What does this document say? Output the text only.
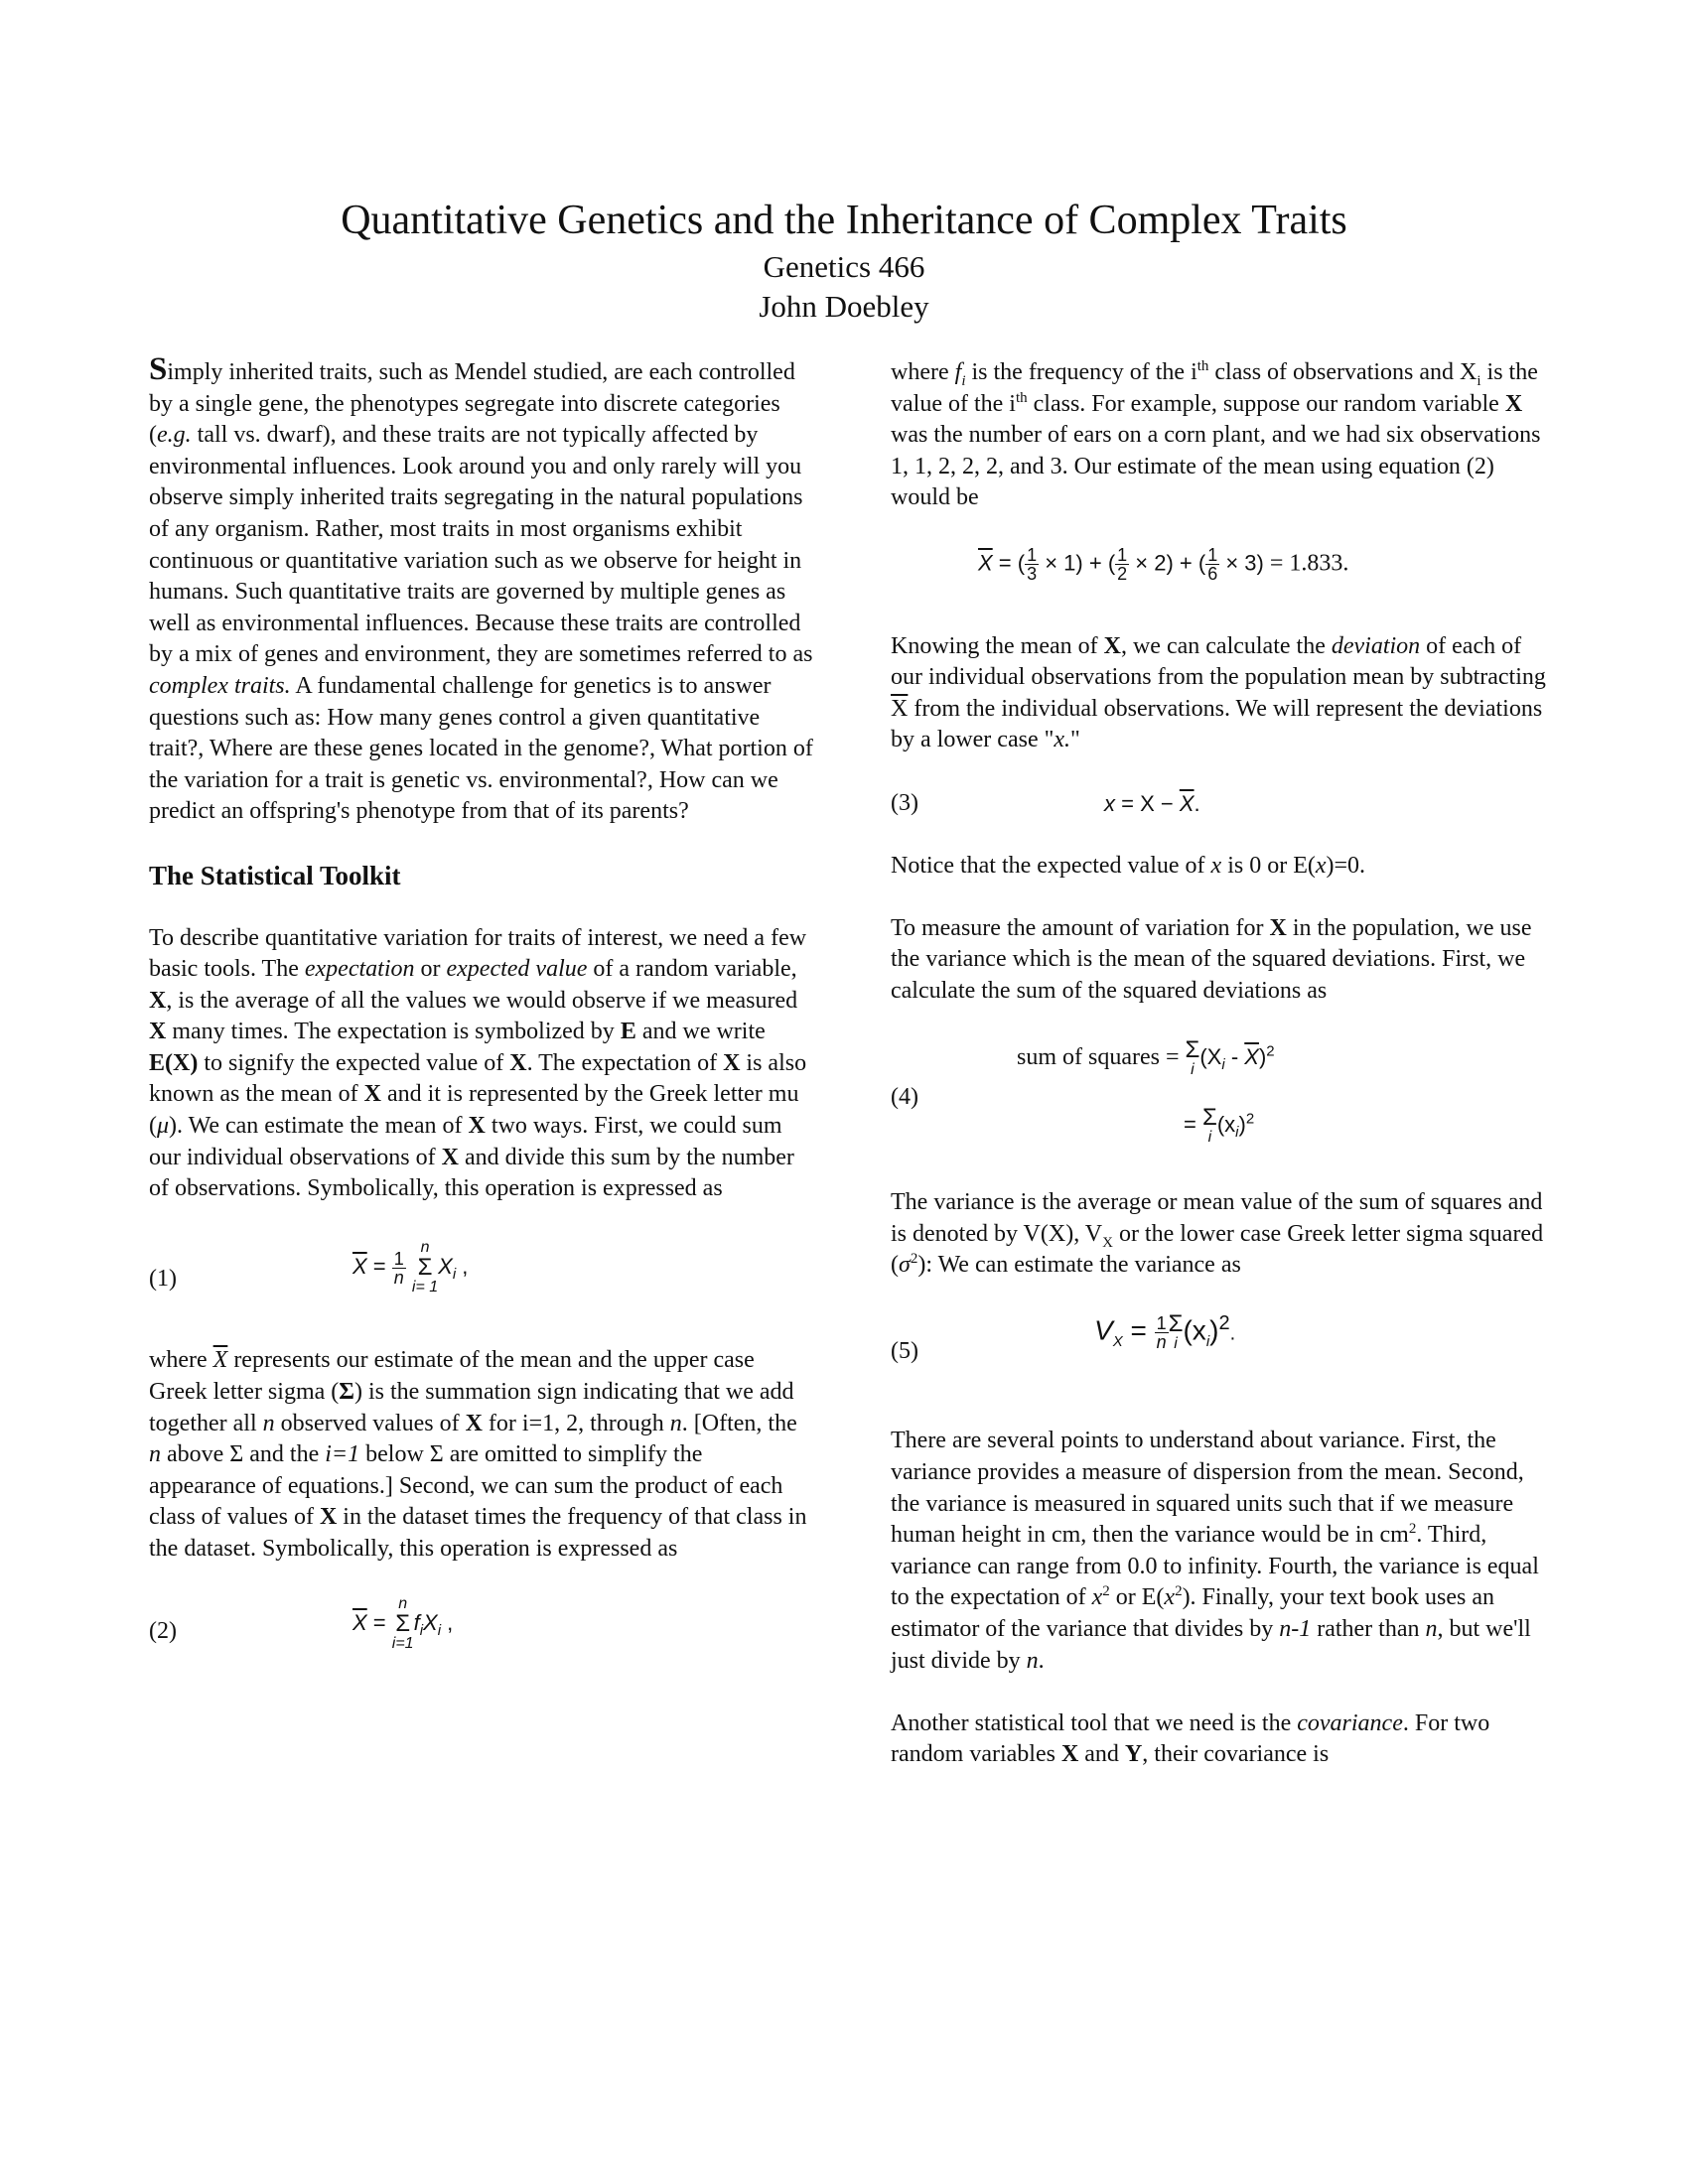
Quantitative Genetics and the Inheritance of Complex Traits
Genetics 466
John Doebley

Simply inherited traits, such as Mendel studied, are each controlled by a single gene, the phenotypes segregate into discrete categories (e.g. tall vs. dwarf), and these traits are not typically affected by environmental influences. Look around you and only rarely will you observe simply inherited traits segregating in the natural populations of any organism. Rather, most traits in most organisms exhibit continuous or quantitative variation such as we observe for height in humans. Such quantitative traits are governed by multiple genes as well as environmental influences. Because these traits are controlled by a mix of genes and environment, they are sometimes referred to as complex traits. A fundamental challenge for genetics is to answer questions such as: How many genes control a given quantitative trait?, Where are these genes located in the genome?, What portion of the variation for a trait is genetic vs. environmental?, How can we predict an offspring's phenotype from that of its parents?

The Statistical Toolkit

To describe quantitative variation for traits of interest, we need a few basic tools. The expectation or expected value of a random variable, X, is the average of all the values we would observe if we measured X many times. The expectation is symbolized by E and we write E(X) to signify the expected value of X. The expectation of X is also known as the mean of X and it is represented by the Greek letter mu (μ). We can estimate the mean of X two ways. First, we could sum our individual observations of X and divide this sum by the number of observations. Symbolically, this operation is expressed as

(1)	$\overline{X} = \frac{1}{n}$

n
Σ
i= 1
$X_i$ ,

where $\overline{X}$ represents our estimate of the mean and the upper case Greek letter sigma (Σ) is the summation sign indicating that we add together all n observed values of X for i=1, 2, through n. [Often, the n above Σ and the i=1 below Σ are omitted to simplify the appearance of equations.] Second, we can sum the product of each class of values of X in the dataset times the frequency of that class in the dataset. Symbolically, this operation is expressed as

(2)	$\overline{X}$ =
n
Σ
i=1
$f_iX_i$ ,

where $f_i$ is the frequency of the $i^{th}$ class of observations and $X_i$ is the value of the $i^{th}$ class. For example, suppose our random variable X was the number of ears on a corn plant, and we had six observations 1, 1, 2, 2, 2, and 3. Our estimate of the mean using equation (2) would be

$\overline{X}$ = ( $\frac{1}{3} \times 1$) + ( $\frac{1}{2} \times 2$) + ( $\frac{1}{6} \times 3) = 1.833$.

Knowing the mean of X, we can calculate the deviation of each of our individual observations from the population mean by subtracting $\overline{X}$ from the individual observations. We will represent the deviations by a lower case "x."

(3)	$x = X - \overline{X}$.

Notice that the expected value of x is 0 or E(x)=0.

To measure the amount of variation for X in the population, we use the variance which is the mean of the squared deviations. First, we calculate the sum of the squared deviations as

(4)
sum of squares = Σ
i
$(X_i - \overline{X})^2$
= Σ
i
$(x_i)^2$

The variance is the average or mean value of the sum of squares and is denoted by V(X), $V_X$ or the lower case Greek letter sigma squared $(\sigma^2)$: We can estimate the variance as

(5)
$V_X = \frac{1}{n}$ Σ
i $(x_i)^2$.

There are several points to understand about variance. First, the variance provides a measure of dispersion from the mean. Second, the variance is measured in squared units such that if we measure human height in cm, then the variance would be in $cm^2$. Third, variance can range from 0.0 to infinity. Fourth, the variance is equal to the expectation of $x^2$ or $E(x^2)$. Finally, your text book uses an estimator of the variance that divides by n-1 rather than n, but we'll just divide by n.

Another statistical tool that we need is the covariance. For two random variables X and Y, their covariance is
